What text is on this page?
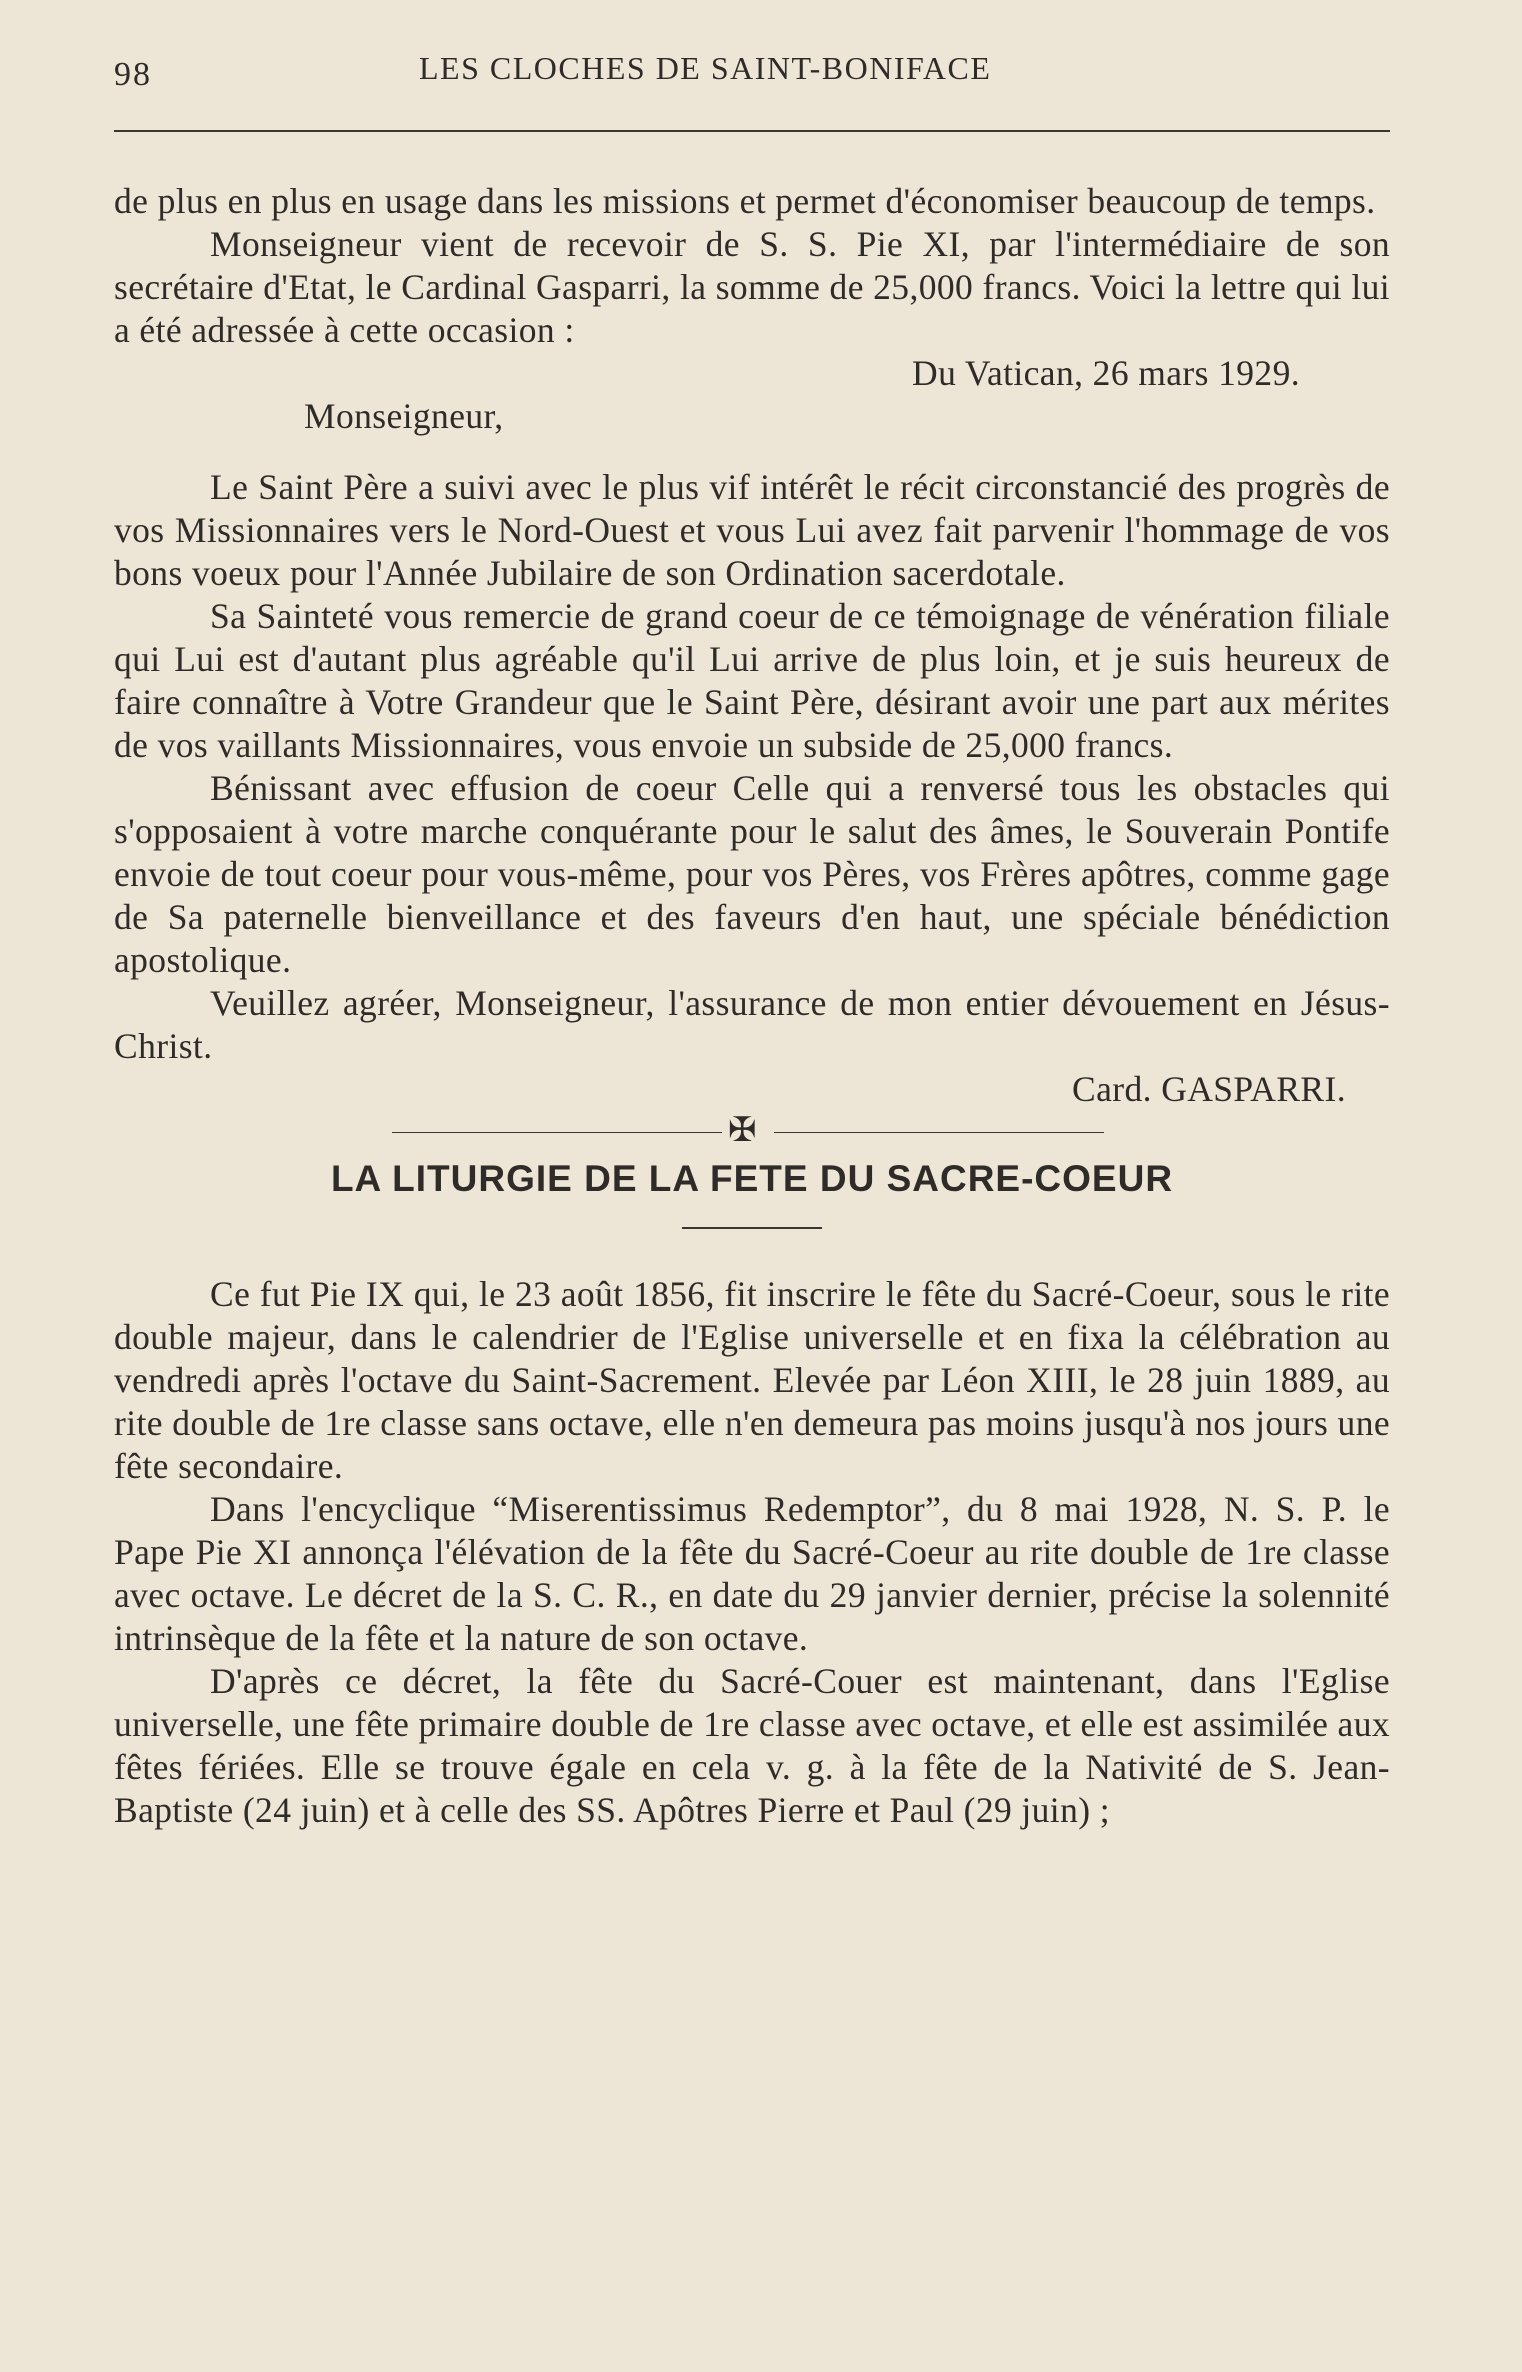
98	LES CLOCHES DE SAINT-BONIFACE

de plus en plus en usage dans les missions et permet d'économiser beaucoup de temps.

Monseigneur vient de recevoir de S. S. Pie XI, par l'intermédiaire de son secrétaire d'Etat, le Cardinal Gasparri, la somme de 25,000 francs. Voici la lettre qui lui a été adressée à cette occasion :

Du Vatican, 26 mars 1929.

Monseigneur,

Le Saint Père a suivi avec le plus vif intérêt le récit circonstancié des progrès de vos Missionnaires vers le Nord-Ouest et vous Lui avez fait parvenir l'hommage de vos bons voeux pour l'Année Jubilaire de son Ordination sacerdotale.

Sa Sainteté vous remercie de grand coeur de ce témoignage de vénération filiale qui Lui est d'autant plus agréable qu'il Lui arrive de plus loin, et je suis heureux de faire connaître à Votre Grandeur que le Saint Père, désirant avoir une part aux mérites de vos vaillants Missionnaires, vous envoie un subside de 25,000 francs.

Bénissant avec effusion de coeur Celle qui a renversé tous les obstacles qui s'opposaient à votre marche conquérante pour le salut des âmes, le Souverain Pontife envoie de tout coeur pour vous-même, pour vos Pères, vos Frères apôtres, comme gage de Sa paternelle bienveillance et des faveurs d'en haut, une spéciale bénédiction apostolique.

Veuillez agréer, Monseigneur, l'assurance de mon entier dévouement en Jésus-Christ.

Card. GASPARRI.

✠
LA LITURGIE DE LA FETE DU SACRE-COEUR

Ce fut Pie IX qui, le 23 août 1856, fit inscrire le fête du Sacré-Coeur, sous le rite double majeur, dans le calendrier de l'Eglise universelle et en fixa la célébration au vendredi après l'octave du Saint-Sacrement. Elevée par Léon XIII, le 28 juin 1889, au rite double de 1re classe sans octave, elle n'en demeura pas moins jusqu'à nos jours une fête secondaire.

Dans l'encyclique “Miserentissimus Redemptor”, du 8 mai 1928, N. S. P. le Pape Pie XI annonça l'élévation de la fête du Sacré-Coeur au rite double de 1re classe avec octave. Le décret de la S. C. R., en date du 29 janvier dernier, précise la solennité intrinsèque de la fête et la nature de son octave.

D'après ce décret, la fête du Sacré-Couer est maintenant, dans l'Eglise universelle, une fête primaire double de 1re classe avec octave, et elle est assimilée aux fêtes fériées. Elle se trouve égale en cela v. g. à la fête de la Nativité de S. Jean-Baptiste (24 juin) et à celle des SS. Apôtres Pierre et Paul (29 juin) ;
